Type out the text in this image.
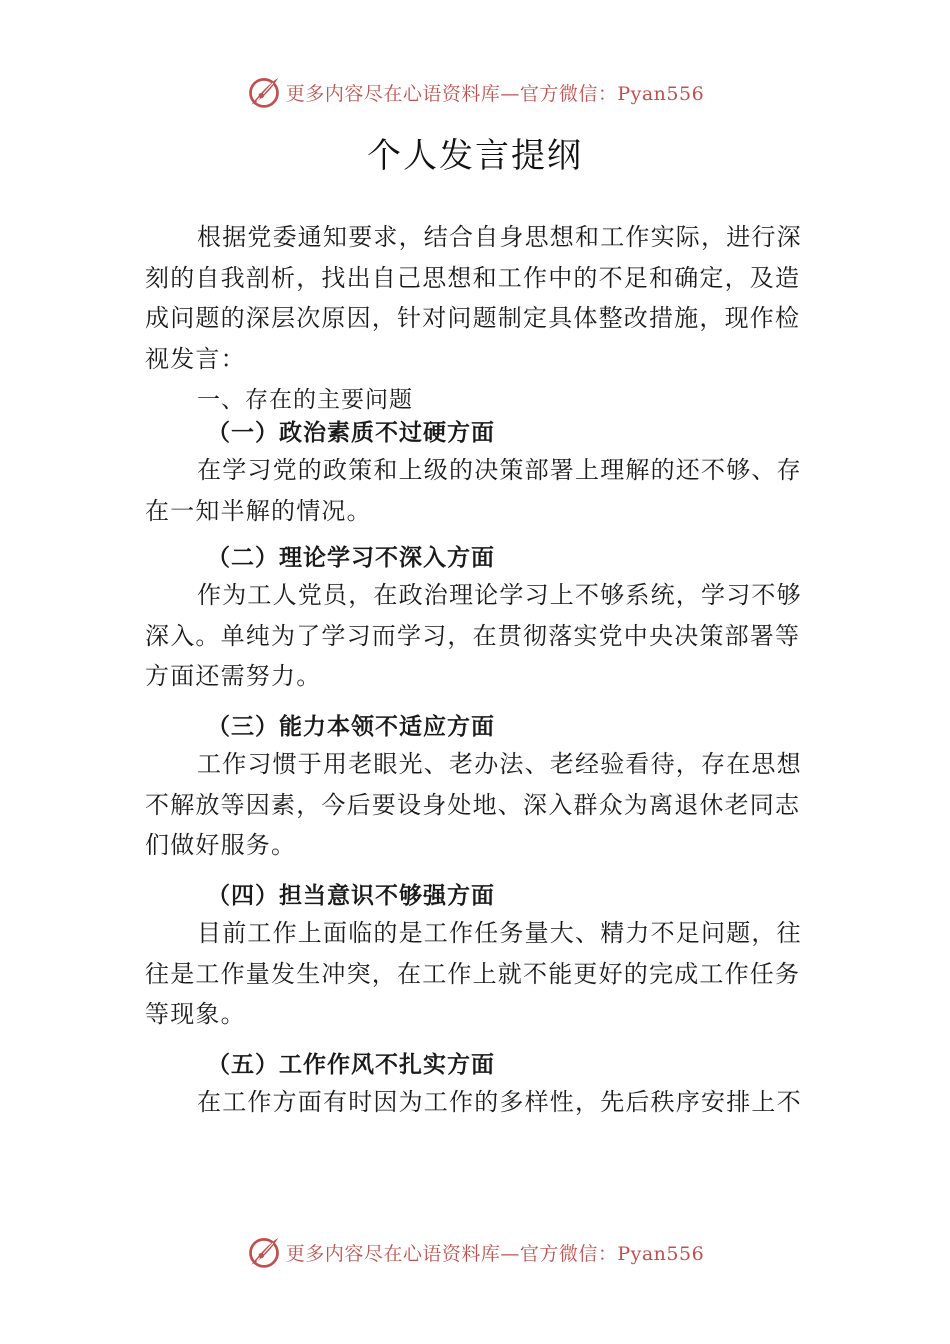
更多内容尽在心语资料库—官方微信：Pyan556
个人发言提纲

根据党委通知要求，结合自身思想和工作实际，进行深刻的自我剖析，找出自己思想和工作中的不足和确定，及造成问题的深层次原因，针对问题制定具体整改措施，现作检视发言：

一、存在的主要问题

（一）政治素质不过硬方面

在学习党的政策和上级的决策部署上理解的还不够、存在一知半解的情况。

（二）理论学习不深入方面

作为工人党员，在政治理论学习上不够系统，学习不够深入。单纯为了学习而学习，在贯彻落实党中央决策部署等方面还需努力。

（三）能力本领不适应方面

工作习惯于用老眼光、老办法、老经验看待，存在思想不解放等因素，今后要设身处地、深入群众为离退休老同志们做好服务。

（四）担当意识不够强方面

目前工作上面临的是工作任务量大、精力不足问题，往往是工作量发生冲突，在工作上就不能更好的完成工作任务等现象。

（五）工作作风不扎实方面

在工作方面有时因为工作的多样性，先后秩序安排上不

更多内容尽在心语资料库—官方微信：Pyan556
